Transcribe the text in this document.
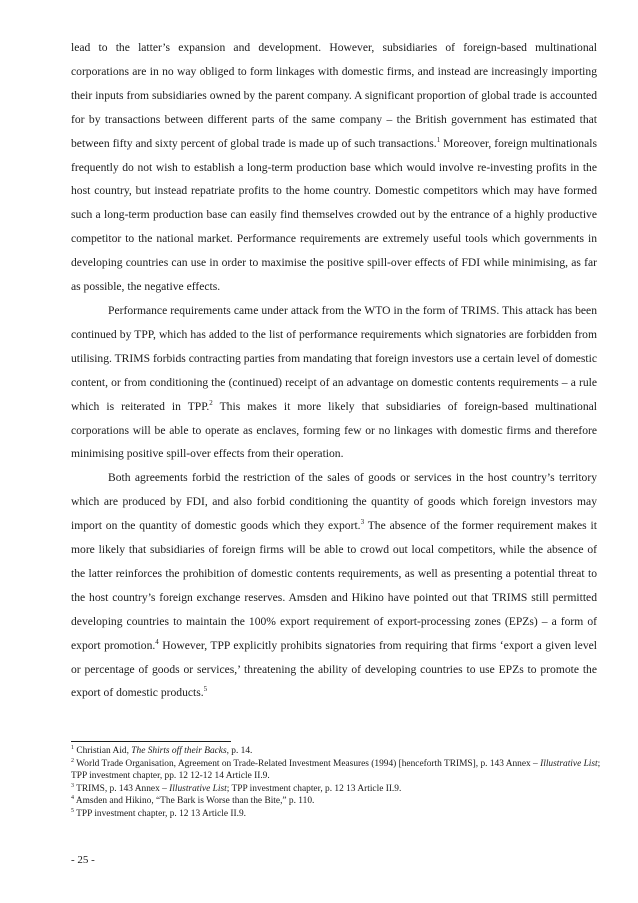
lead to the latter’s expansion and development. However, subsidiaries of foreign-based multinational corporations are in no way obliged to form linkages with domestic firms, and instead are increasingly importing their inputs from subsidiaries owned by the parent company. A significant proportion of global trade is accounted for by transactions between different parts of the same company – the British government has estimated that between fifty and sixty percent of global trade is made up of such transactions.$^1$ Moreover, foreign multinationals frequently do not wish to establish a long-term production base which would involve re-investing profits in the host country, but instead repatriate profits to the home country. Domestic competitors which may have formed such a long-term production base can easily find themselves crowded out by the entrance of a highly productive competitor to the national market. Performance requirements are extremely useful tools which governments in developing countries can use in order to maximise the positive spill-over effects of FDI while minimising, as far as possible, the negative effects.

Performance requirements came under attack from the WTO in the form of TRIMS. This attack has been continued by TPP, which has added to the list of performance requirements which signatories are forbidden from utilising. TRIMS forbids contracting parties from mandating that foreign investors use a certain level of domestic content, or from conditioning the (continued) receipt of an advantage on domestic contents requirements – a rule which is reiterated in TPP.$^2$ This makes it more likely that subsidiaries of foreign-based multinational corporations will be able to operate as enclaves, forming few or no linkages with domestic firms and therefore minimising positive spill-over effects from their operation.

Both agreements forbid the restriction of the sales of goods or services in the host country’s territory which are produced by FDI, and also forbid conditioning the quantity of goods which foreign investors may import on the quantity of domestic goods which they export.$^3$ The absence of the former requirement makes it more likely that subsidiaries of foreign firms will be able to crowd out local competitors, while the absence of the latter reinforces the prohibition of domestic contents requirements, as well as presenting a potential threat to the host country’s foreign exchange reserves. Amsden and Hikino have pointed out that TRIMS still permitted developing countries to maintain the 100% export requirement of export-processing zones (EPZs) – a form of export promotion.$^4$ However, TPP explicitly prohibits signatories from requiring that firms ‘export a given level or percentage of goods or services,’ threatening the ability of developing countries to use EPZs to promote the export of domestic products.$^5$

$^1$ Christian Aid, The Shirts off their Backs, p. 14.

$^2$ World Trade Organisation, Agreement on Trade-Related Investment Measures (1994) [henceforth TRIMS], p. 143 Annex – Illustrative List; TPP investment chapter, pp. 12 12-12 14 Article II.9.

$^3$ TRIMS, p. 143 Annex – Illustrative List; TPP investment chapter, p. 12 13 Article II.9.

$^4$ Amsden and Hikino, “The Bark is Worse than the Bite,” p. 110.

$^5$ TPP investment chapter, p. 12 13 Article II.9.

- 25 -
